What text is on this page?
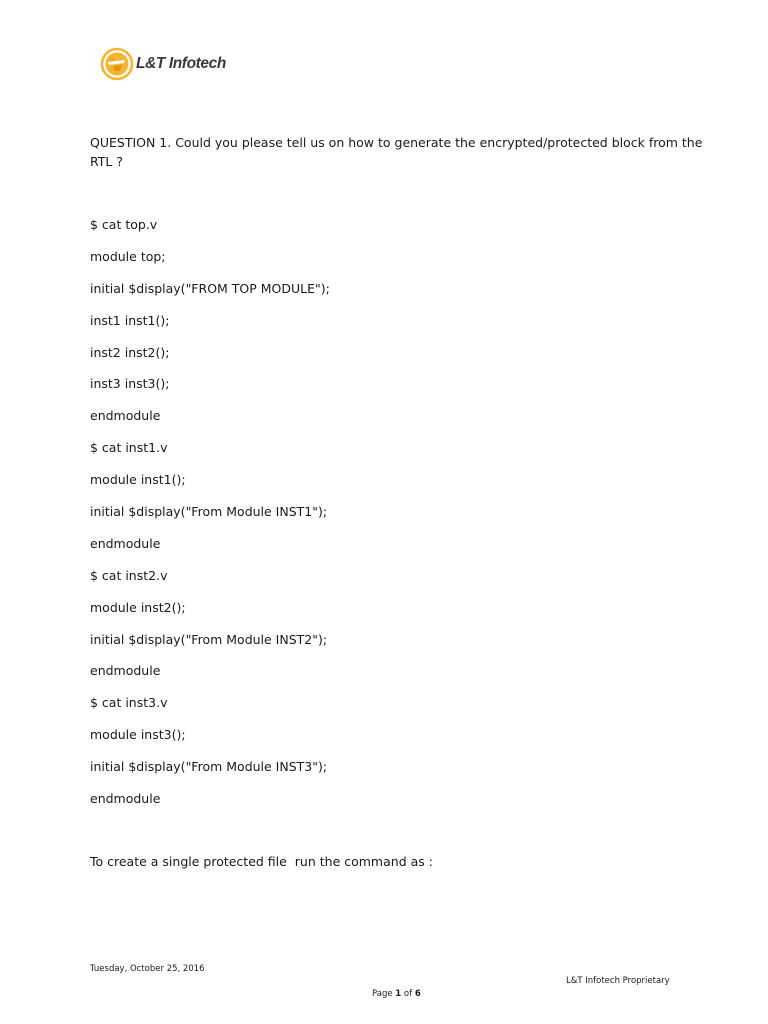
L&T Infotech
QUESTION 1. Could you please tell us on how to generate the encrypted/protected block from the RTL ?
$ cat top.v
module top;
initial $display("FROM TOP MODULE");
inst1 inst1();
inst2 inst2();
inst3 inst3();
endmodule
$ cat inst1.v
module inst1();
initial $display("From Module INST1");
endmodule
$ cat inst2.v
module inst2();
initial $display("From Module INST2");
endmodule
$ cat inst3.v
module inst3();
initial $display("From Module INST3");
endmodule
To create a single protected file  run the command as :
Tuesday, October 25, 2016
L&T Infotech Proprietary
Page 1 of 6
